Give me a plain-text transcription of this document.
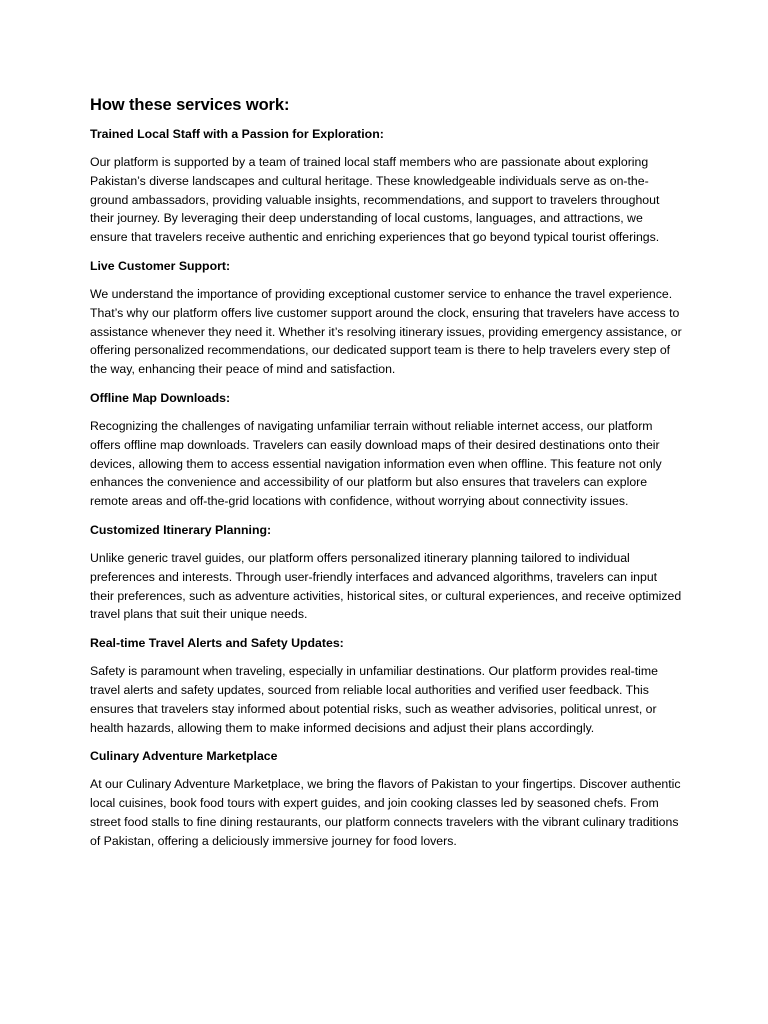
How these services work:

Trained Local Staff with a Passion for Exploration:

Our platform is supported by a team of trained local staff members who are passionate about exploring Pakistan’s diverse landscapes and cultural heritage. These knowledgeable individuals serve as on-the-ground ambassadors, providing valuable insights, recommendations, and support to travelers throughout their journey. By leveraging their deep understanding of local customs, languages, and attractions, we ensure that travelers receive authentic and enriching experiences that go beyond typical tourist offerings.

Live Customer Support:

We understand the importance of providing exceptional customer service to enhance the travel experience. That’s why our platform offers live customer support around the clock, ensuring that travelers have access to assistance whenever they need it. Whether it’s resolving itinerary issues, providing emergency assistance, or offering personalized recommendations, our dedicated support team is there to help travelers every step of the way, enhancing their peace of mind and satisfaction.

Offline Map Downloads:

Recognizing the challenges of navigating unfamiliar terrain without reliable internet access, our platform offers offline map downloads. Travelers can easily download maps of their desired destinations onto their devices, allowing them to access essential navigation information even when offline. This feature not only enhances the convenience and accessibility of our platform but also ensures that travelers can explore remote areas and off-the-grid locations with confidence, without worrying about connectivity issues.

Customized Itinerary Planning:

Unlike generic travel guides, our platform offers personalized itinerary planning tailored to individual preferences and interests. Through user-friendly interfaces and advanced algorithms, travelers can input their preferences, such as adventure activities, historical sites, or cultural experiences, and receive optimized travel plans that suit their unique needs.

Real-time Travel Alerts and Safety Updates:

Safety is paramount when traveling, especially in unfamiliar destinations. Our platform provides real-time travel alerts and safety updates, sourced from reliable local authorities and verified user feedback. This ensures that travelers stay informed about potential risks, such as weather advisories, political unrest, or health hazards, allowing them to make informed decisions and adjust their plans accordingly.

Culinary Adventure Marketplace

At our Culinary Adventure Marketplace, we bring the flavors of Pakistan to your fingertips. Discover authentic local cuisines, book food tours with expert guides, and join cooking classes led by seasoned chefs. From street food stalls to fine dining restaurants, our platform connects travelers with the vibrant culinary traditions of Pakistan, offering a deliciously immersive journey for food lovers.
